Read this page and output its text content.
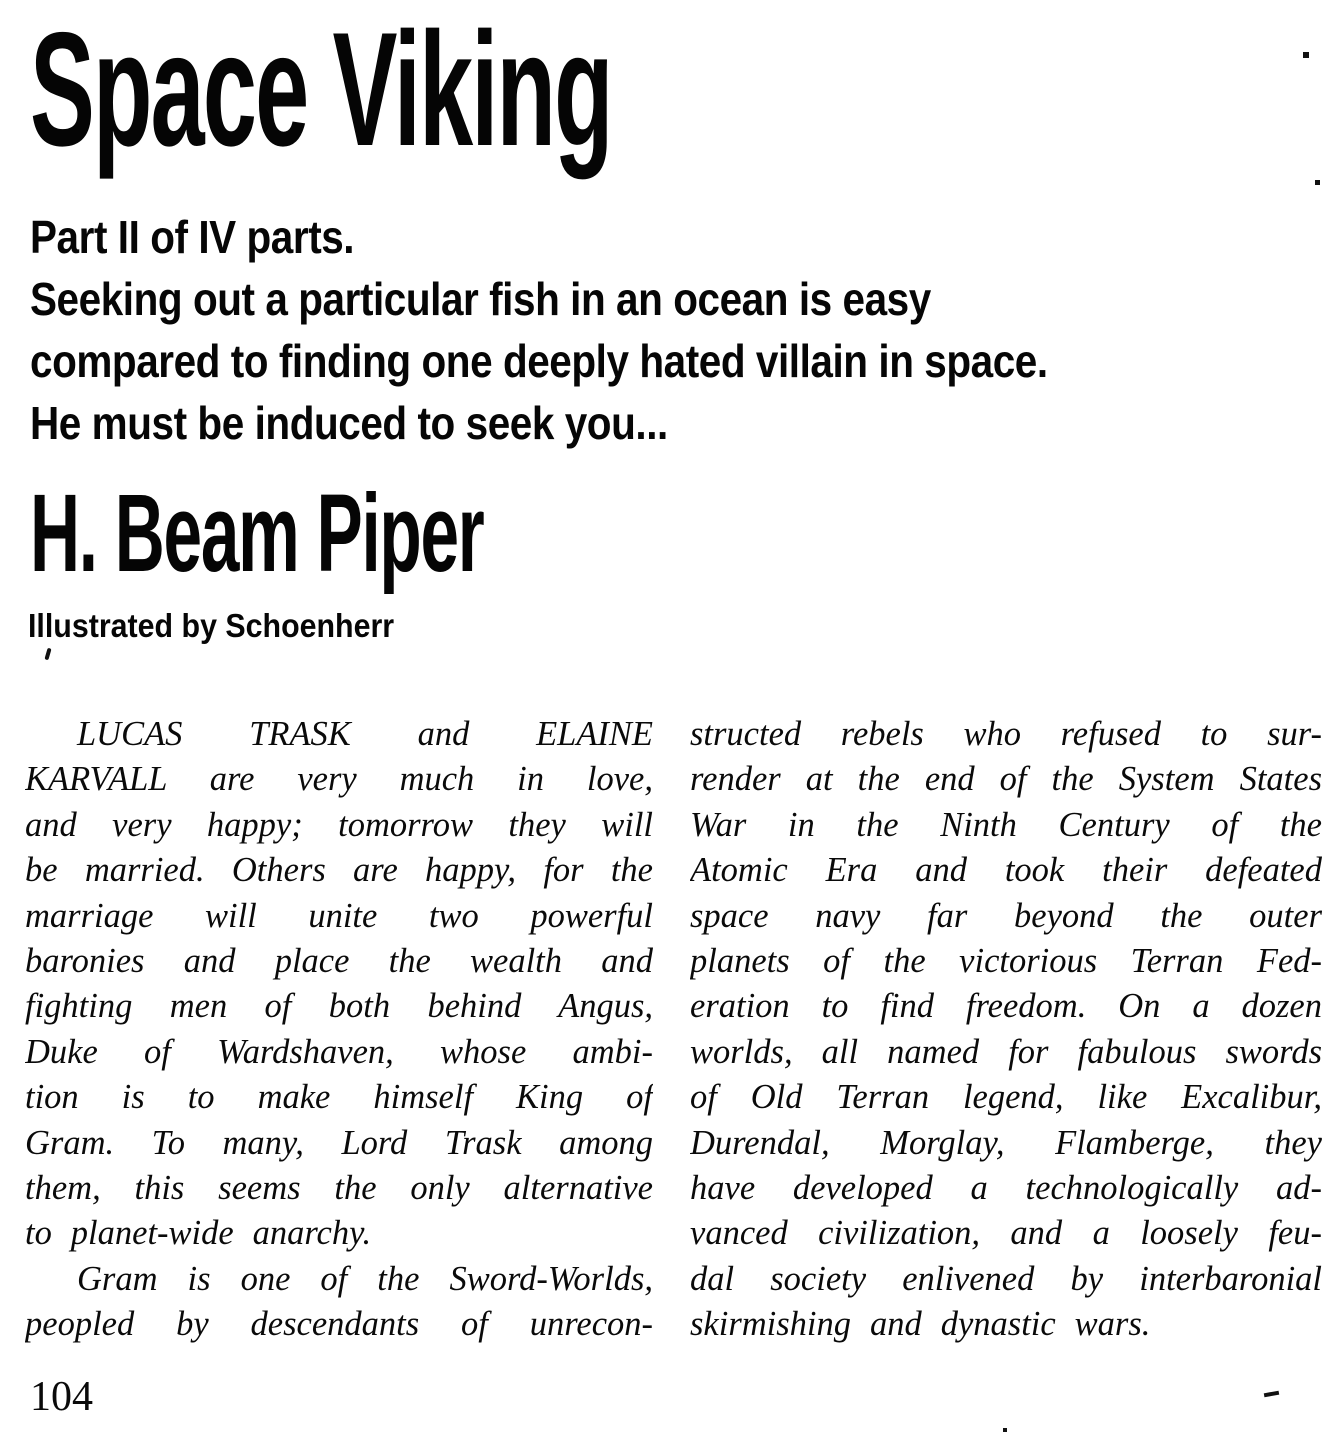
Space Viking
Part II of IV parts.
Seeking out a particular fish in an ocean is easy
compared to finding one deeply hated villain in space.
He must be induced to seek you...
H. Beam Piper
Illustrated by Schoenherr
LUCAS TRASK and ELAINE
KARVALL are very much in love,
and very happy; tomorrow they will
be married. Others are happy, for the
marriage will unite two powerful
baronies and place the wealth and
fighting men of both behind Angus,
Duke of Wardshaven, whose ambi-
tion is to make himself King of
Gram. To many, Lord Trask among
them, this seems the only alternative
to planet-wide anarchy.
Gram is one of the Sword-Worlds,
peopled by descendants of unrecon-
structed rebels who refused to sur-
render at the end of the System States
War in the Ninth Century of the
Atomic Era and took their defeated
space navy far beyond the outer
planets of the victorious Terran Fed-
eration to find freedom. On a dozen
worlds, all named for fabulous swords
of Old Terran legend, like Excalibur,
Durendal, Morglay, Flamberge, they
have developed a technologically ad-
vanced civilization, and a loosely feu-
dal society enlivened by interbaronial
skirmishing and dynastic wars.
104
